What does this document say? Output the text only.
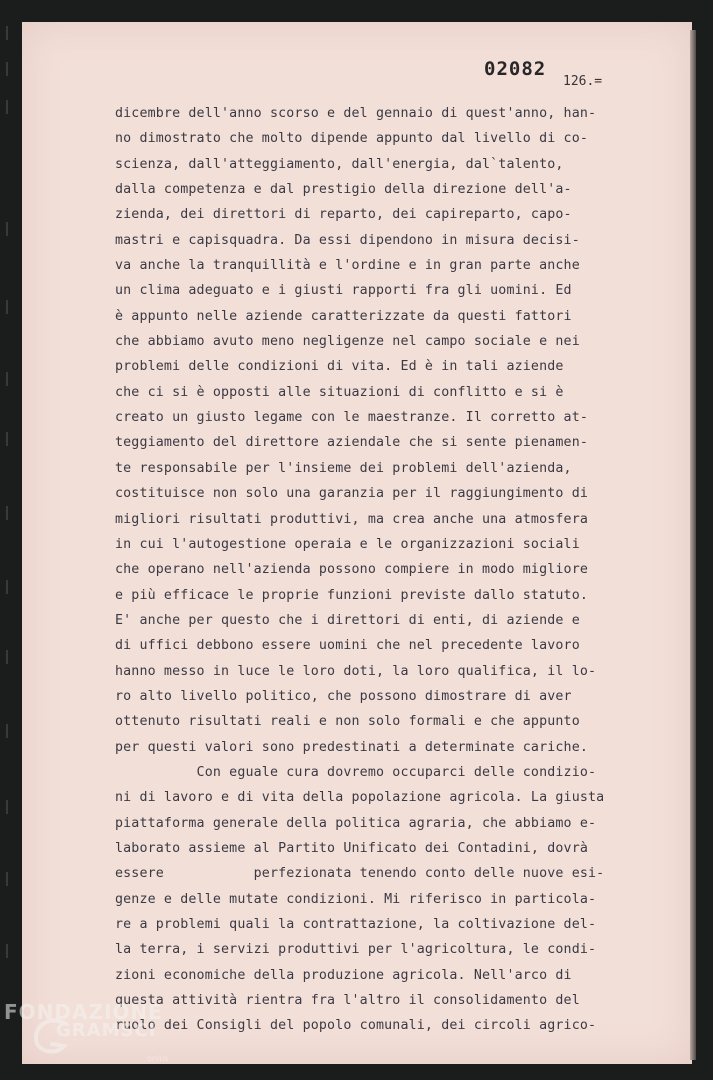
02082
126.=
dicembre dell'anno scorso e del gennaio di quest'anno, han-
no dimostrato che molto dipende appunto dal livello di co-
scienza, dall'atteggiamento, dall'energia, dal`talento,
dalla competenza e dal prestigio della direzione dell'a-
zienda, dei direttori di reparto, dei capireparto, capo-
mastri e capisquadra. Da essi dipendono in misura decisi-
va anche la tranquillità e l'ordine e in gran parte anche
un clima adeguato e i giusti rapporti fra gli uomini. Ed
è appunto nelle aziende caratterizzate da questi fattori
che abbiamo avuto meno negligenze nel campo sociale e nei
problemi delle condizioni di vita. Ed è in tali aziende
che ci si è opposti alle situazioni di conflitto e si è
creato un giusto legame con le maestranze. Il corretto at-
teggiamento del direttore aziendale che si sente pienamen-
te responsabile per l'insieme dei problemi dell'azienda,
costituisce non solo una garanzia per il raggiungimento di
migliori risultati produttivi, ma crea anche una atmosfera
in cui l'autogestione operaia e le organizzazioni sociali
che operano nell'azienda possono compiere in modo migliore
e più efficace le proprie funzioni previste dallo statuto.
E' anche per questo che i direttori di enti, di aziende e
di uffici debbono essere uomini che nel precedente lavoro
hanno messo in luce le loro doti, la loro qualifica, il lo-
ro alto livello politico, che possono dimostrare di aver
ottenuto risultati reali e non solo formali e che appunto
per questi valori sono predestinati a determinate cariche.
Con eguale cura dovremo occuparci delle condizio-
ni di lavoro e di vita della popolazione agricola. La giusta
piattaforma generale della politica agraria, che abbiamo e-
laborato assieme al Partito Unificato dei Contadini, dovrà
essere           perfezionata tenendo conto delle nuove esi-
genze e delle mutate condizioni. Mi riferisco in particola-
re a problemi quali la contrattazione, la coltivazione del-
la terra, i servizi produttivi per l'agricoltura, le condi-
zioni economiche della produzione agricola. Nell'arco di
questa attività rientra fra l'altro il consolidamento del
ruolo dei Consigli del popolo comunali, dei circoli agrico-
FONDAZIONE
GRAMSCI
onlus
